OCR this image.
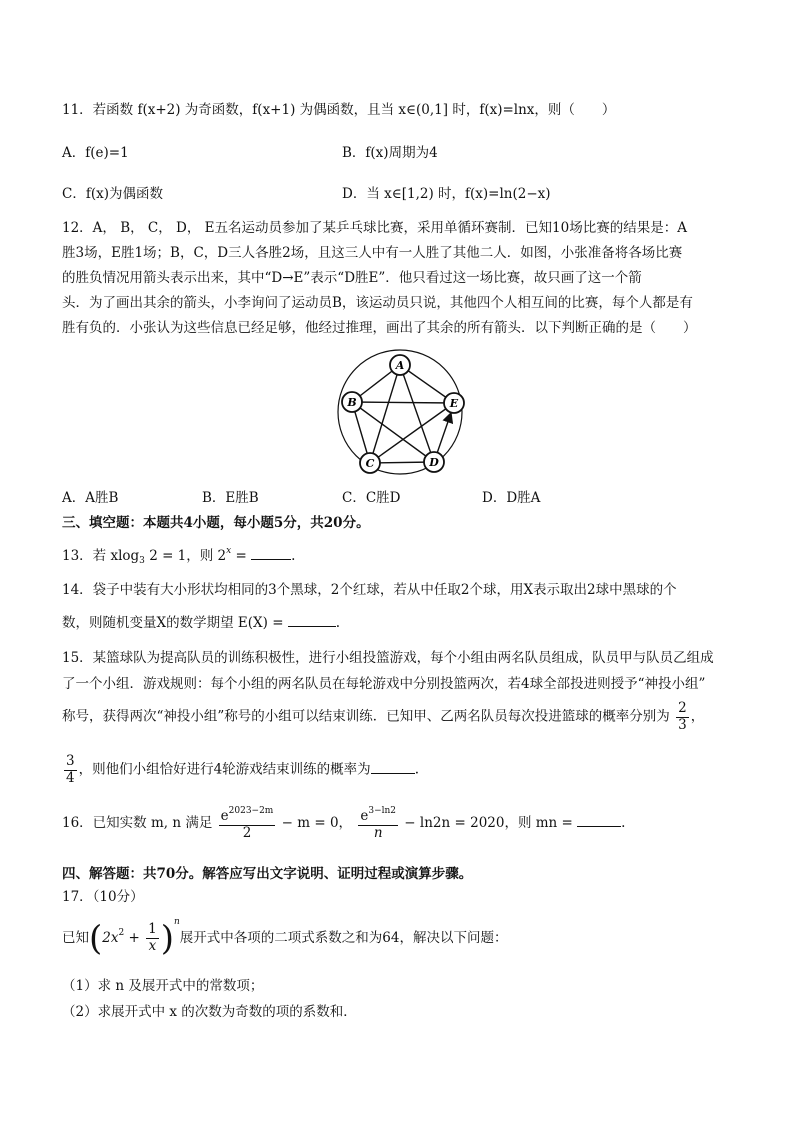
11．若函数 f(x+2) 为奇函数，f(x+1) 为偶函数，且当 x∈(0,1] 时，f(x)=lnx，则（　　）
A．f(e)=1	B．f(x)周期为4
C．f(x)为偶函数	D．当 x∈[1,2) 时，f(x)=ln(2−x)
12．A， B， C， D， E五名运动员参加了某乒乓球比赛，采用单循环赛制．已知10场比赛的结果是：A
胜3场，E胜1场；B，C，D三人各胜2场，且这三人中有一人胜了其他二人．如图，小张准备将各场比赛
的胜负情况用箭头表示出来，其中“D→E”表示“D胜E”．他只看过这一场比赛，故只画了这一个箭
头．为了画出其余的箭头，小李询问了运动员B，该运动员只说，其他四个人相互间的比赛，每个人都是有
胜有负的．小张认为这些信息已经足够，他经过推理，画出了其余的所有箭头．以下判断正确的是（　　）
A
B	E
C	D
A．A胜B	B．E胜B	C．C胜D	D．D胜A
三、填空题：本题共4小题，每小题5分，共20分。
13．若 xlog$_3$ 2 = 1，则 $2^x$ =	.
14．袋子中装有大小形状均相同的3个黑球，2个红球，若从中任取2个球，用X表示取出2球中黑球的个
数，则随机变量X的数学期望 E(X) =	.
15．某篮球队为提高队员的训练积极性，进行小组投篮游戏，每个小组由两名队员组成，队员甲与队员乙组成
了一个小组．游戏规则：每个小组的两名队员在每轮游戏中分别投篮两次，若4球全部投进则授予“神投小组”
称号，获得两次“神投小组”称号的小组可以结束训练．已知甲、乙两名队员每次投进篮球的概率分别为 $\frac{2}{3}$ ，
$\frac{3}{4}$ ，则他们小组恰好进行4轮游戏结束训练的概率为	.
16．已知实数 m, n 满足 $\frac{e^{2023-2m}}{2} - m = 0$， $\frac{e^{3-ln2}}{n} - \ln 2n = 2020$，则 mn =	.
四、解答题：共70分。解答应写出文字说明、证明过程或演算步骤。
17．（10分）
已知$(2x^2 + \frac{1}{x} )^n$展开式中各项的二项式系数之和为64，解决以下问题：
（1）求 n 及展开式中的常数项；
（2）求展开式中 x 的次数为奇数的项的系数和．
